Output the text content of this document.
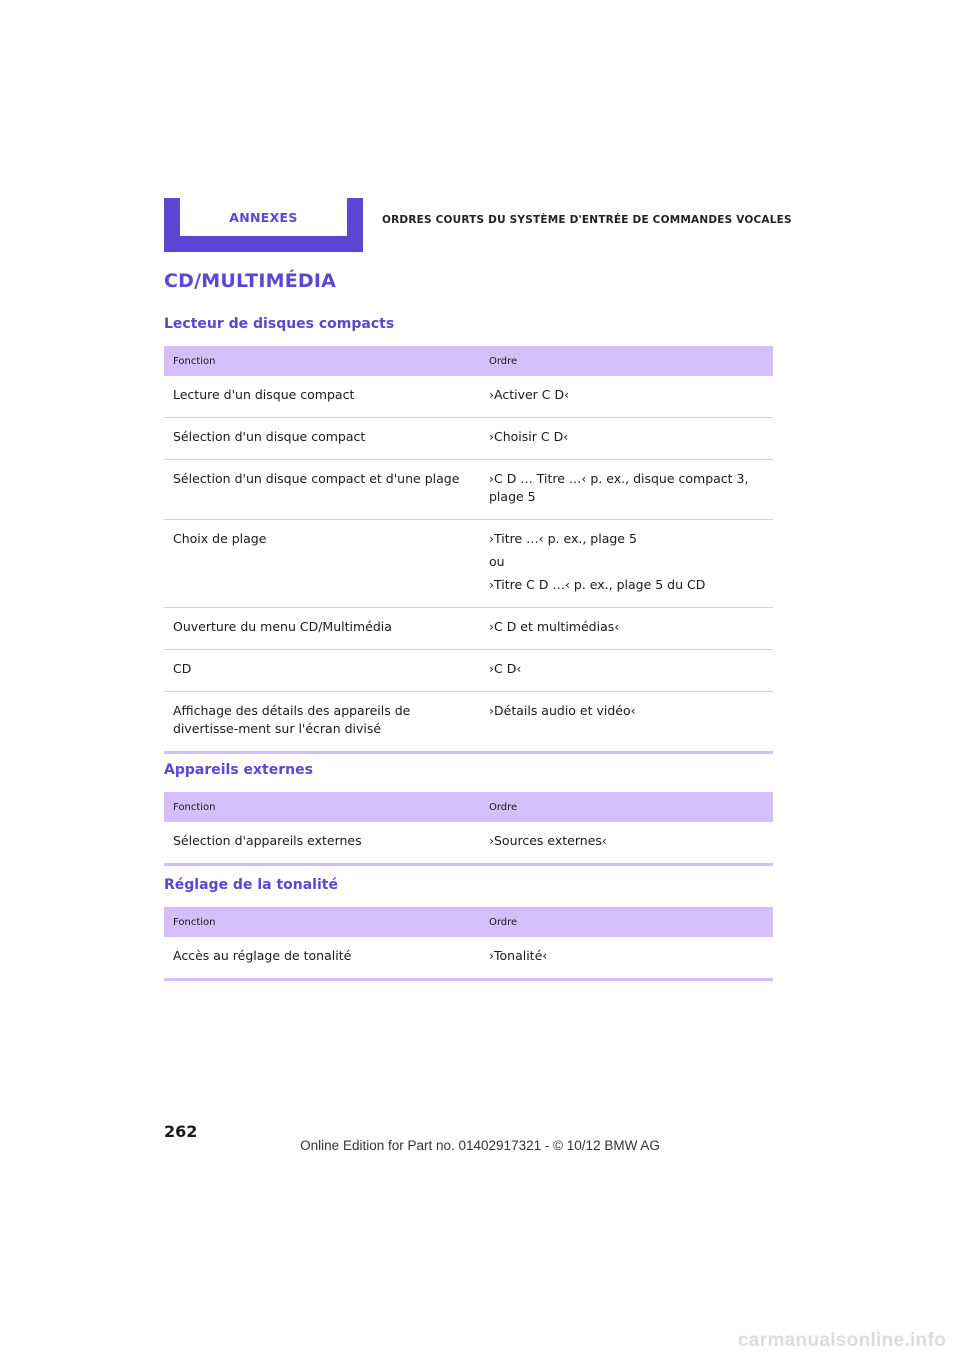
ANNEXES	ORDRES COURTS DU SYSTÈME D'ENTRÉE DE COMMANDES VOCALES
CD/MULTIMÉDIA
Lecteur de disques compacts
Fonction	Ordre
Lecture d'un disque compact	›Activer C D‹

Sélection d'un disque compact	›Choisir C D‹

Sélection d'un disque compact et d'une plage	›C D … Titre …‹ p. ex., disque compact 3, plage 5

Choix de plage	›Titre …‹ p. ex., plage 5

ou

›Titre C D …‹ p. ex., plage 5 du CD

Ouverture du menu CD/Multimédia	›C D et multimédias‹

CD	›C D‹

Affichage des détails des appareils de divertisse-ment sur l'écran divisé	›Détails audio et vidéo‹

Appareils externes
Fonction	Ordre
Sélection d'appareils externes	›Sources externes‹

Réglage de la tonalité
Fonction	Ordre
Accès au réglage de tonalité	›Tonalité‹

262
Online Edition for Part no. 01402917321 - © 10/12 BMW AG
carmanualsonline.info
